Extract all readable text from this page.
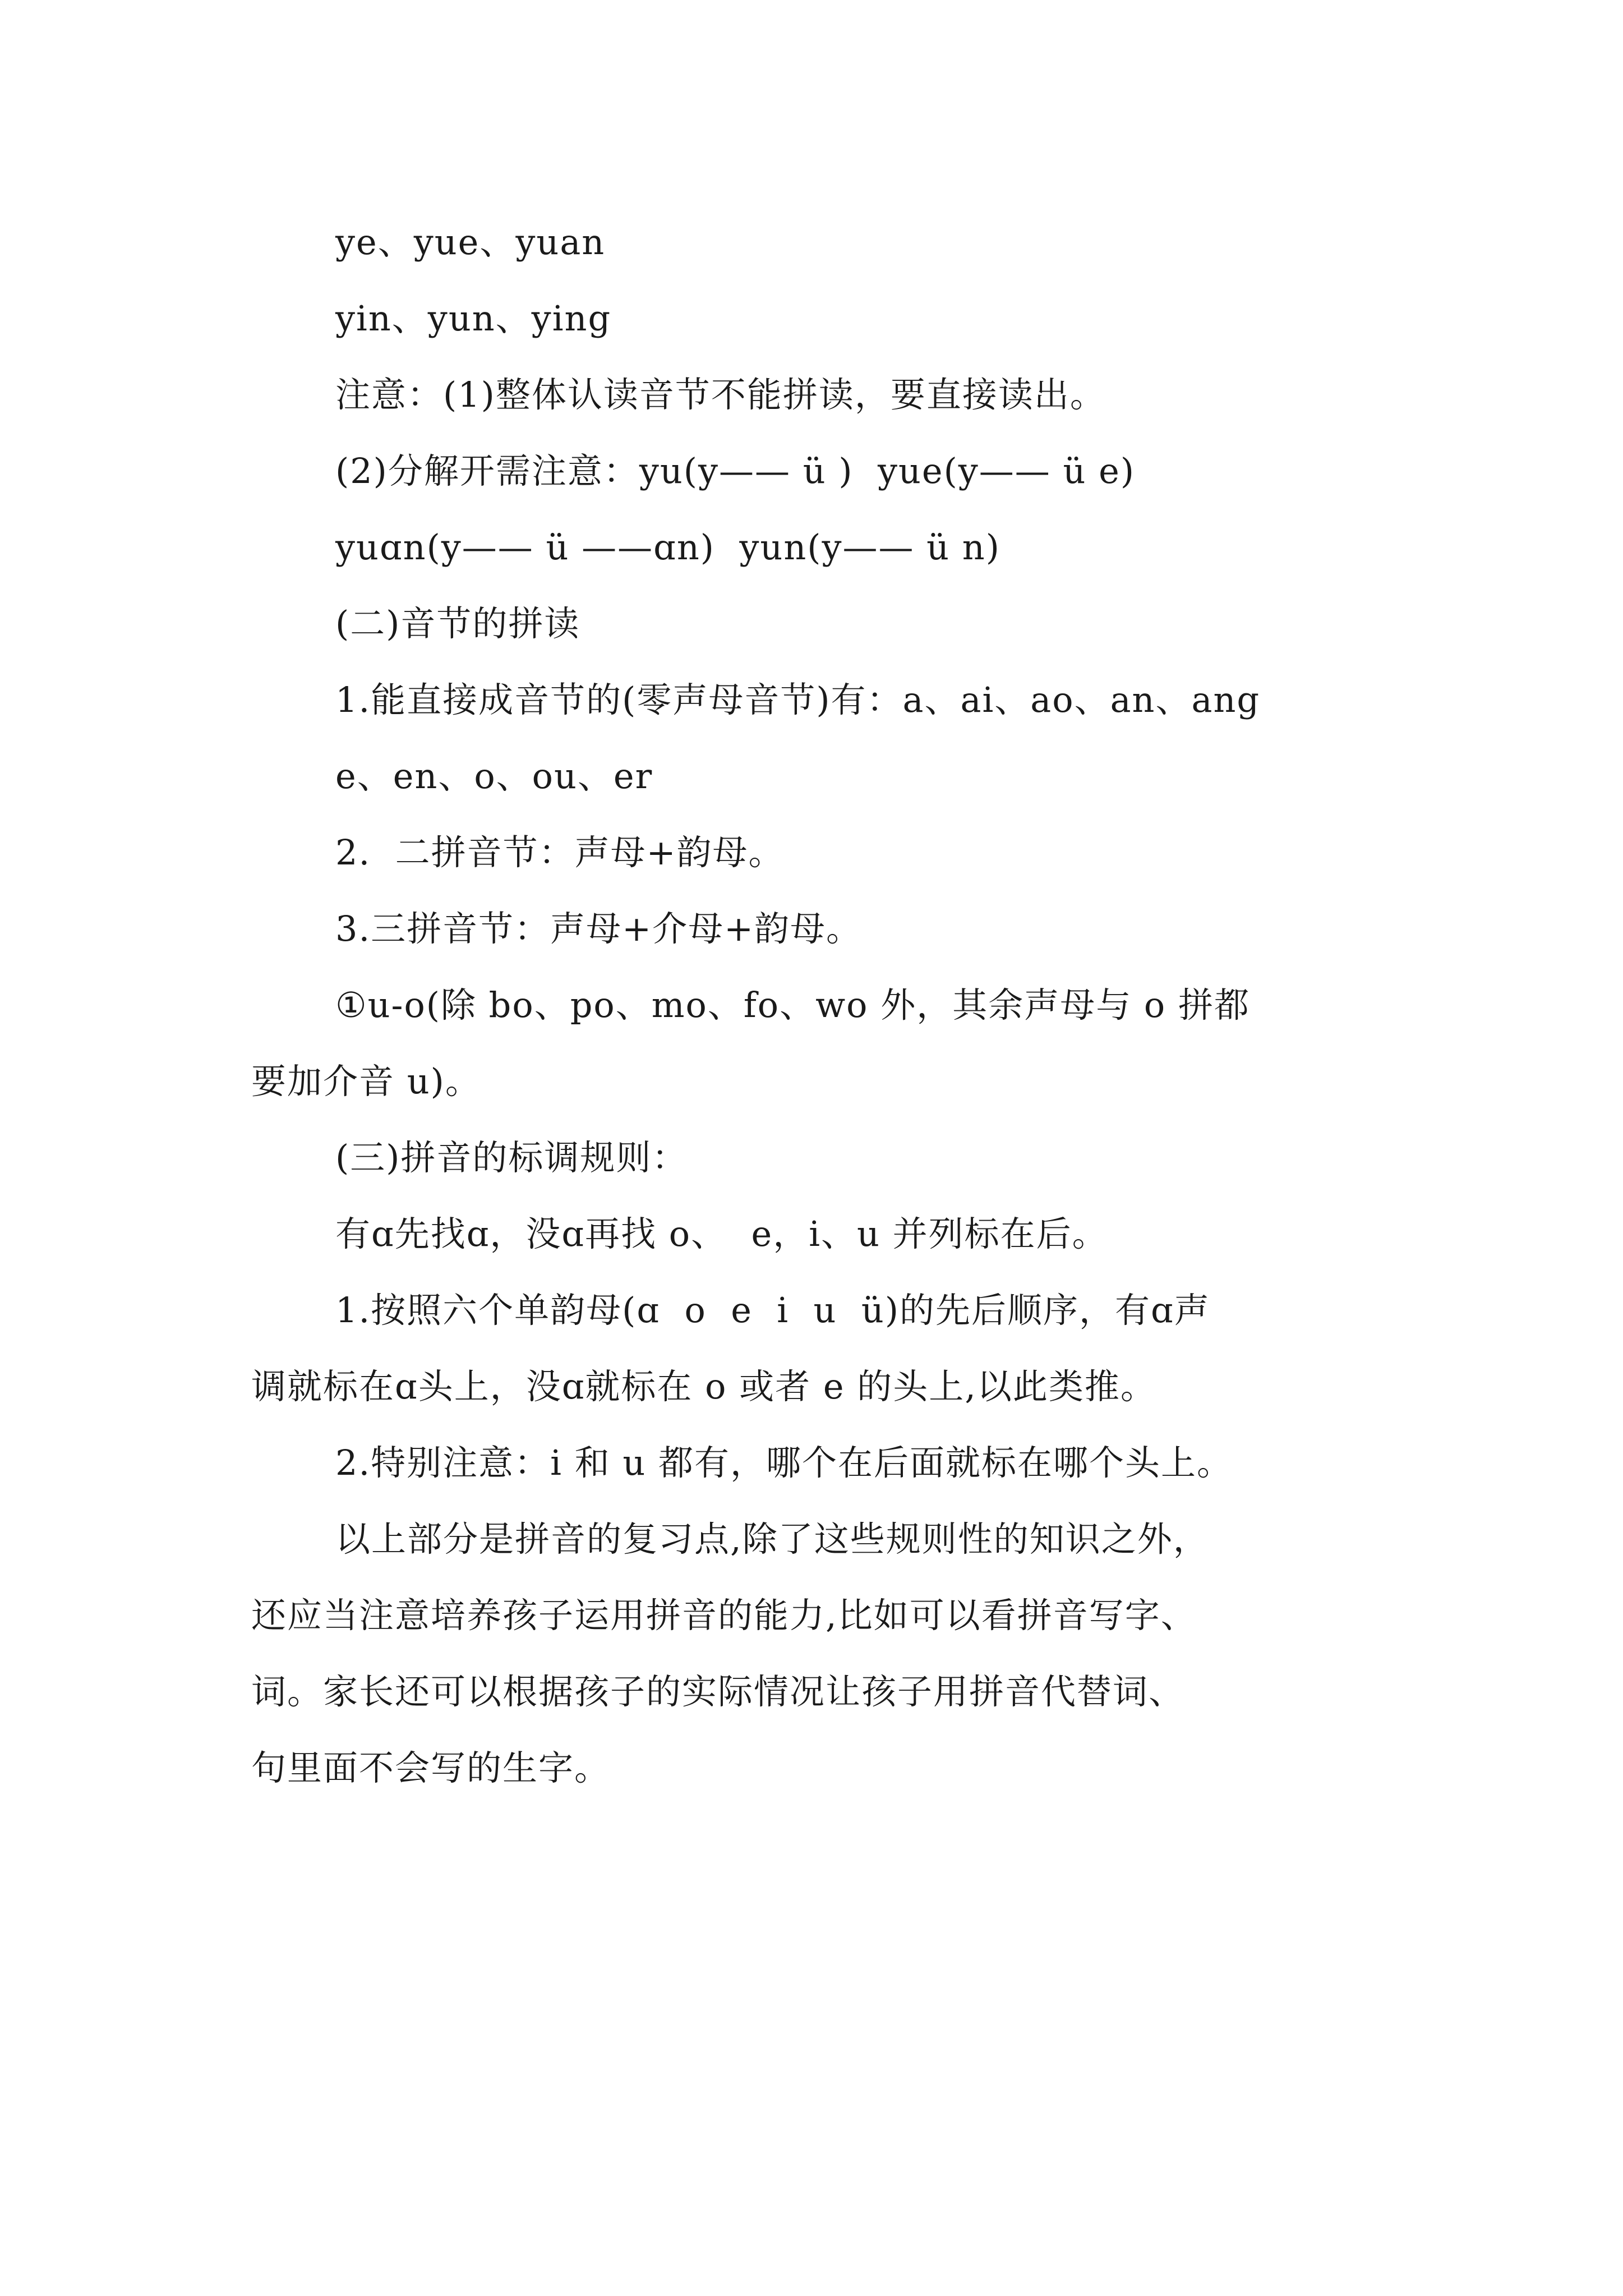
ye、yue、yuan
yin、yun、ying
注意：(1)整体认读音节不能拼读，要直接读出。
(2)分解开需注意：yu(y—— ü )  yue(y—— ü e)
yuɑn(y—— ü ——ɑn)  yun(y—— ü n)
(二)音节的拼读
1.能直接成音节的(零声母音节)有：a、ai、ao、an、ang
e、en、o、ou、er
2.  二拼音节：声母+韵母。
3.三拼音节：声母+介母+韵母。
①u-o(除 bo、po、mo、fo、wo 外，其余声母与 o 拼都
要加介音 u)。
(三)拼音的标调规则：
有ɑ先找ɑ，没ɑ再找 o、  e，i、u 并列标在后。
1.按照六个单韵母(ɑ  o  e  i  u  ü)的先后顺序，有ɑ声
调就标在ɑ头上，没ɑ就标在 o 或者 e 的头上,以此类推。
2.特别注意：i 和 u 都有，哪个在后面就标在哪个头上。
以上部分是拼音的复习点,除了这些规则性的知识之外，
还应当注意培养孩子运用拼音的能力,比如可以看拼音写字、
词。家长还可以根据孩子的实际情况让孩子用拼音代替词、
句里面不会写的生字。
